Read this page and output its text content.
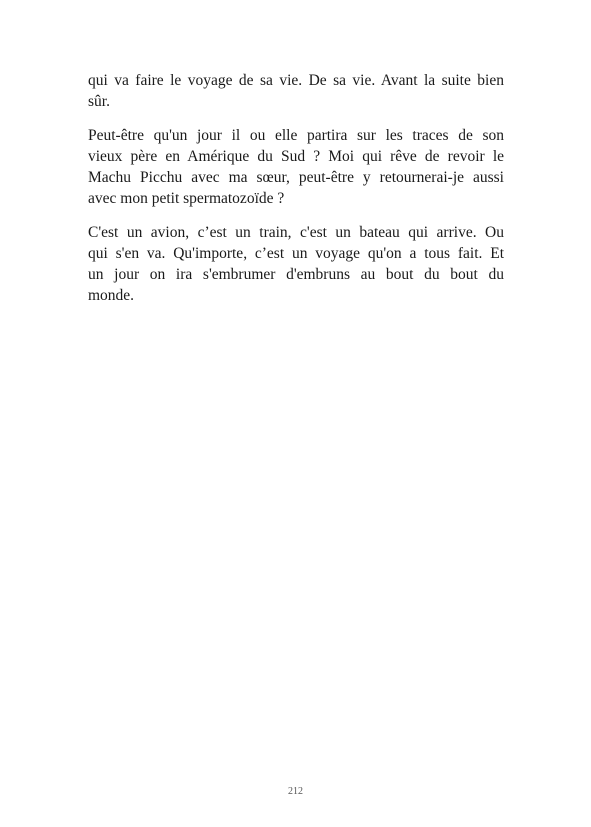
qui va faire le voyage de sa vie. De sa vie. Avant la suite bien
sûr.

Peut-être qu'un jour il ou elle partira sur les traces de son
vieux père en Amérique du Sud ? Moi qui rêve de revoir le
Machu Picchu avec ma sœur, peut-être y retournerai-je aussi
avec mon petit spermatozoïde ?

C'est un avion, c’est un train, c'est un bateau qui arrive. Ou
qui s'en va. Qu'importe, c’est un voyage qu'on a tous fait. Et
un jour on ira s'embrumer d'embruns au bout du bout du
monde.

212
